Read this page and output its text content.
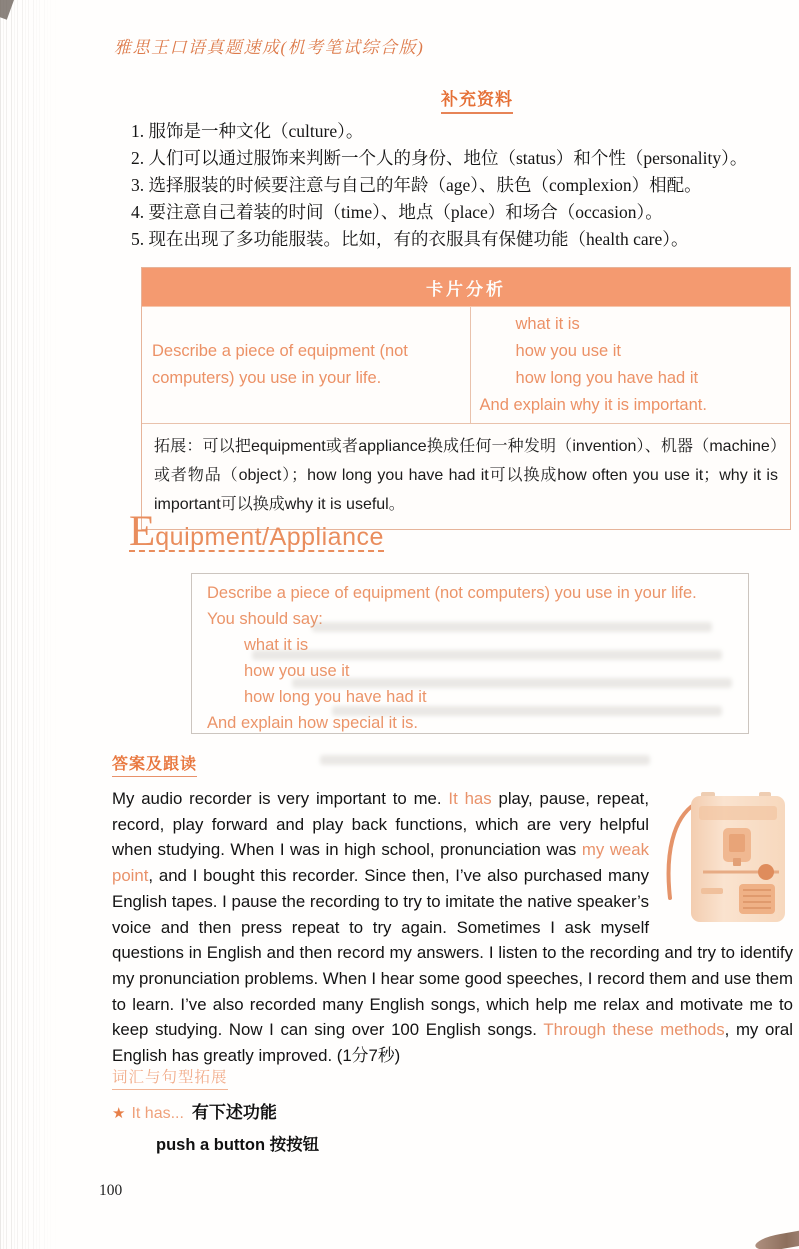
雅思王口语真题速成(机考笔试综合版)
补充资料
1. 服饰是一种文化（culture）。
2. 人们可以通过服饰来判断一个人的身份、地位（status）和个性（personality）。
3. 选择服装的时候要注意与自己的年龄（age）、肤色（complexion）相配。
4. 要注意自己着装的时间（time）、地点（place）和场合（occasion）。
5. 现在出现了多功能服装。比如，有的衣服具有保健功能（health care）。
卡片分析
Describe a piece of equipment (not computers) you use in your life.
what it is
how you use it
how long you have had it
And explain why it is important.
拓展：可以把equipment或者appliance换成任何一种发明（invention）、机器（machine）或者物品（object）；how long you have had it可以换成how often you use it；why it is important可以换成why it is useful。
Equipment/Appliance
Describe a piece of equipment (not computers) you use in your life.
You should say:
what it is
how you use it
how long you have had it
And explain how special it is.
答案及跟读
My audio recorder is very important to me. It has play, pause, repeat, record, play forward and play back functions, which are very helpful when studying. When I was in high school, pronunciation was my weak point, and I bought this recorder. Since then, I’ve also purchased many English tapes. I pause the recording to try to imitate the native speaker’s voice and then press repeat to try again. Sometimes I ask myself questions in English and then record my answers. I listen to the recording and try to identify my pronunciation problems. When I hear some good speeches, I record them and use them to learn. I’ve also recorded many English songs, which help me relax and motivate me to keep studying. Now I can sing over 100 English songs. Through these methods, my oral English has greatly improved. (1分7秒)
词汇与句型拓展
★ It has... 有下述功能
push a button 按按钮
100
